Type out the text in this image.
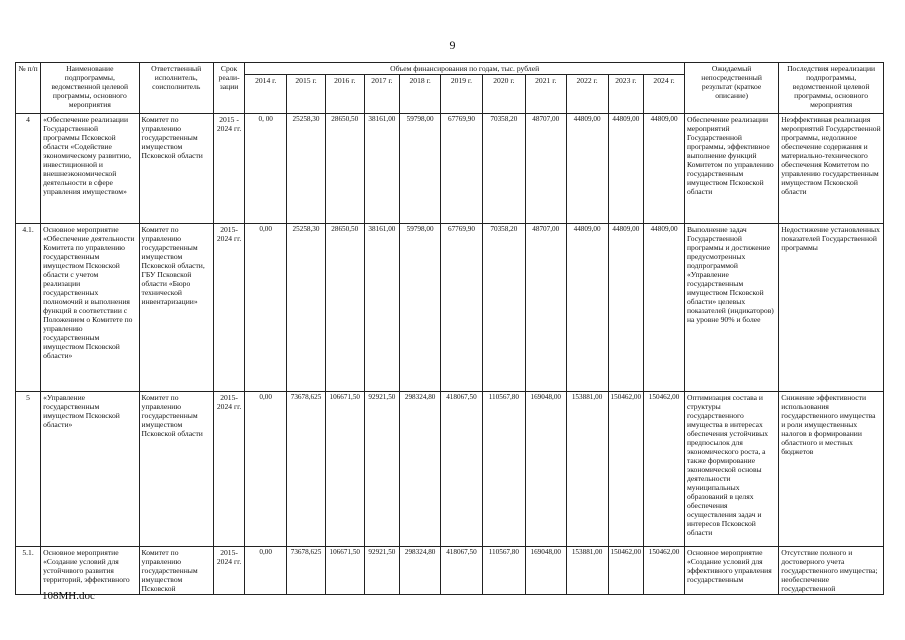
9
№ п/п	Наименование подпрограммы, ведомственной целевой программы, основного мероприятия	Ответственный исполнитель, соисполнитель	Срок реали-зации	Объем финансирования по годам, тыс. рублей											Ожидаемый непосредственный результат (краткое описание)	Последствия нереализации подпрограммы, ведомственной целевой программы, основного мероприятия
				2014 г.	2015 г.	2016 г.	2017 г.	2018 г.	2019 г.	2020 г.	2021 г.	2022 г.	2023 г.	2024 г.		
4	«Обеспечение реализации Государственной программы Псковской области «Содействие экономическому развитию, инвестиционной и внешнеэкономической деятельности в сфере управления имуществом»	Комитет по управлению государственным имуществом Псковской области	2015 - 2024 гг.	0, 00	25258,30	28650,50	38161,00	59798,00	67769,90	70358,20	48707,00	44809,00	44809,00	44809,00	Обеспечение реализации мероприятий Государственной программы, эффективное выполнение функций Комитетом по управлению государственным имуществом Псковской области	Неэффективная реализация мероприятий Государственной программы, недолжное обеспечение содержания и материально-технического обеспечения Комитетом по управлению государственным имуществом Псковской области
4.1.	Основное мероприятие «Обеспечение деятельности Комитета по управлению государственным имуществом Псковской области с учетом реализации государственных полномочий и выполнения функций в соответствии с Положением о Комитете по управлению государственным имуществом Псковской области»	Комитет по управлению государственным имуществом Псковской области, ГБУ Псковской области «Бюро технической инвентаризации»	2015-2024 гг.	0,00	25258,30	28650,50	38161,00	59798,00	67769,90	70358,20	48707,00	44809,00	44809,00	44809,00	Выполнение задач Государственной программы и достижение предусмотренных подпрограммой «Управление государственным имуществом Псковской области» целевых показателей (индикаторов) на уровне 90% и более	Недостижение установленных показателей Государственной программы
5	«Управление государственным имуществом Псковской области»	Комитет по управлению государственным имуществом Псковской области	2015-2024 гг.	0,00	73678,625	106671,50	92921,50	298324,80	418067,50	110567,80	169048,00	153881,00	150462,00	150462,00	Оптимизация состава и структуры государственного имущества в интересах обеспечения устойчивых предпосылок для экономического роста, а также формирование экономической основы деятельности муниципальных образований в целях обеспечения осуществления задач и интересов Псковской области	Снижение эффективности использования государственного имущества и роли имущественных налогов в формировании областного и местных бюджетов
5.1.	Основное мероприятие «Создание условий для устойчивого развития территорий, эффективного	Комитет по управлению государственным имуществом Псковской	2015-2024 гг.	0,00	73678,625	106671,50	92921,50	298324,80	418067,50	110567,80	169048,00	153881,00	150462,00	150462,00	Основное мероприятие «Создание условий для эффективного управления государственным	Отсутствие полного и достоверного учета государственного имущества; необеспечение государственной
108МН.doc
